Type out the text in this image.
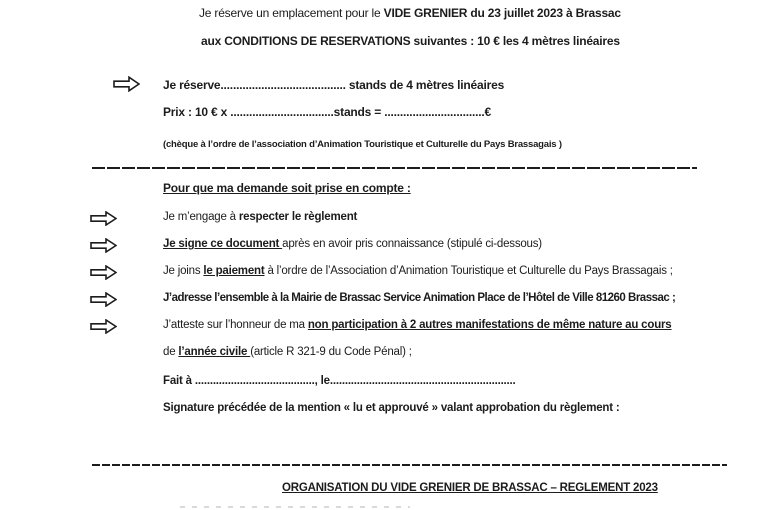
Je réserve un emplacement pour le VIDE GRENIER du 23 juillet 2023 à Brassac
aux CONDITIONS DE RESERVATIONS suivantes : 10 € les 4 mètres linéaires
Je réserve........................................ stands de 4 mètres linéaires
Prix : 10 € x .................................stands = ................................€
(chèque à l’ordre de l’association d’Animation Touristique et Culturelle du Pays Brassagais )
Pour que ma demande soit prise en compte :
Je m’engage à respecter le règlement
Je signe ce document après en avoir pris connaissance (stipulé ci-dessous)
Je joins le paiement à l’ordre de l’Association d’Animation Touristique et Culturelle du Pays Brassagais ;
J’adresse l’ensemble à la Mairie de Brassac Service Animation Place de l’Hôtel de Ville 81260 Brassac ;
J’atteste sur l’honneur de ma non participation à 2 autres manifestations de même nature au cours
de l’année civile (article R 321-9 du Code Pénal) ;
Fait à ........................................, le..............................................................
Signature précédée de la mention « lu et approuvé » valant approbation du règlement :
ORGANISATION DU VIDE GRENIER DE BRASSAC – REGLEMENT 2023
